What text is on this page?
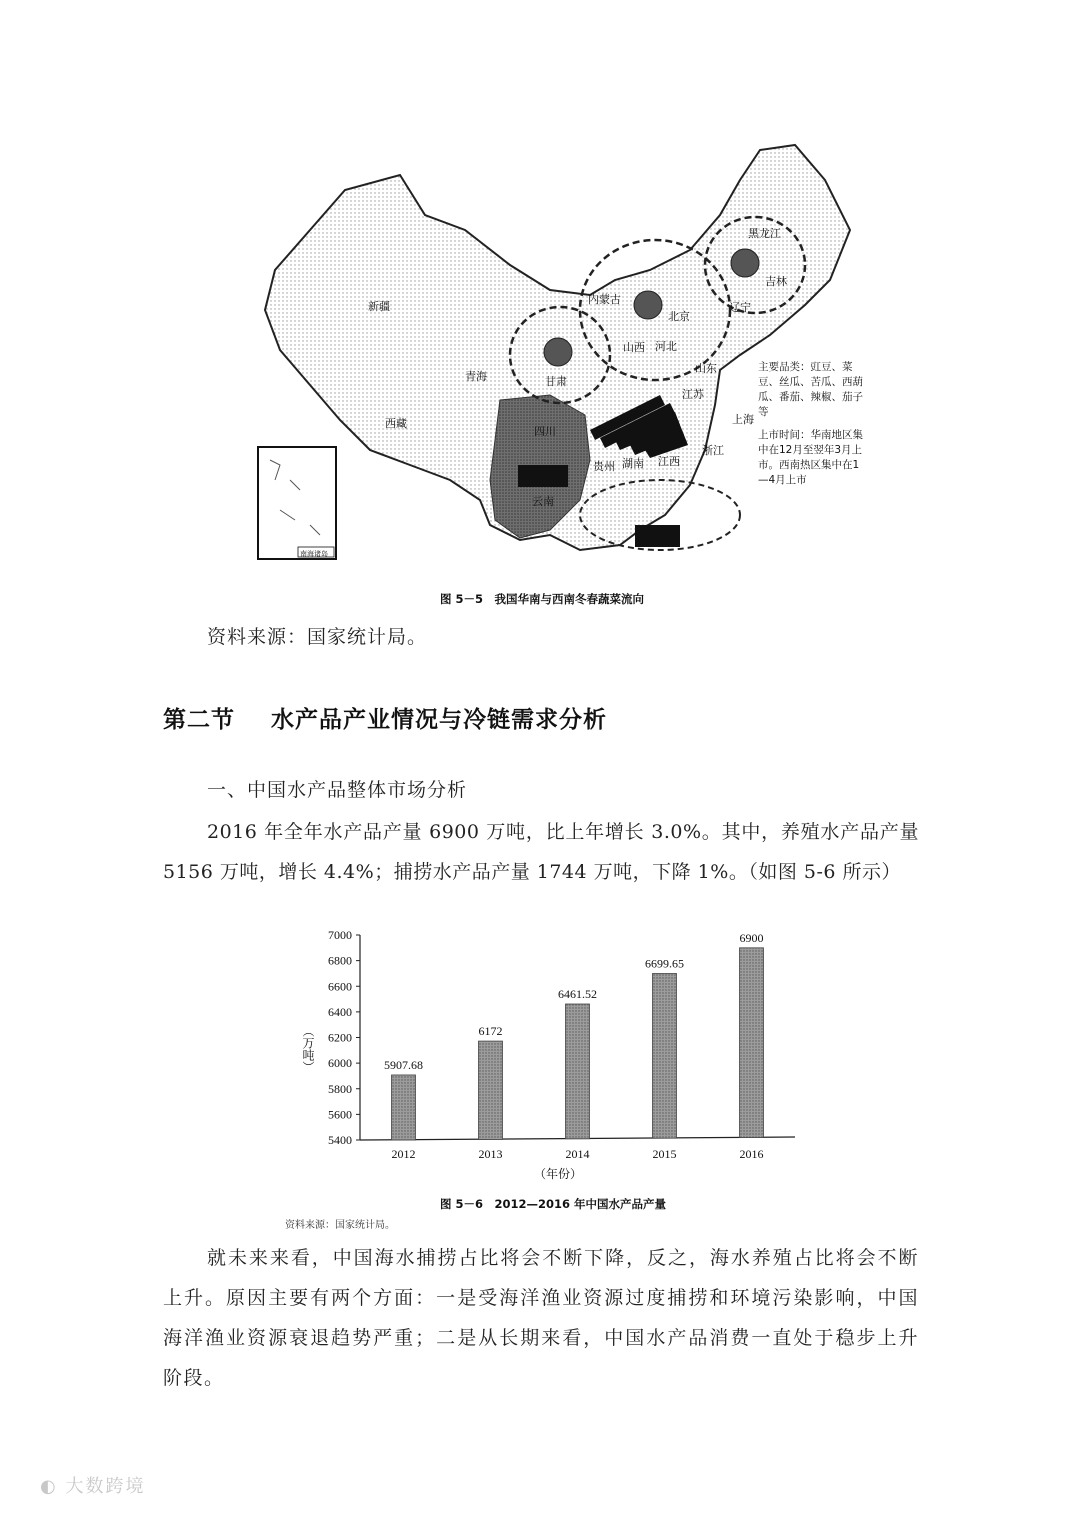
南海诸岛
新疆
青海
西藏
甘肃
内蒙古
北京
山西 河北
黑龙江
吉林
辽宁
山东
江苏
上海
浙江
湖南 江西
四川
云南
贵州

主要品类：豇豆、菜豆、丝瓜、苦瓜、西葫瓜、番茄、辣椒、茄子等

上市时间：华南地区集中在12月至翌年3月上市。西南热区集中在1—4月上市

图 5－5　我国华南与西南冬春蔬菜流向
资料来源：国家统计局。
第二节 水产品产业情况与冷链需求分析
一、中国水产品整体市场分析
2016 年全年水产品产量 6900 万吨，比上年增长 3.0%。其中，养殖水产品产量 5156 万吨，增长 4.4%；捕捞水产品产量 1744 万吨，下降 1%。（如图 5-6 所示）
5400
5600
5800
6000
6200
6400
6600
6800
7000
5907.68
2012
6172
2013
6461.52
2014
6699.65
2015
6900
2016
（万吨）
（年份）
图 5－6　2012—2016 年中国水产品产量
资料来源：国家统计局。
就未来来看，中国海水捕捞占比将会不断下降，反之，海水养殖占比将会不断上升。原因主要有两个方面：一是受海洋渔业资源过度捕捞和环境污染影响，中国海洋渔业资源衰退趋势严重；二是从长期来看，中国水产品消费一直处于稳步上升阶段。
◐ 大数跨境
